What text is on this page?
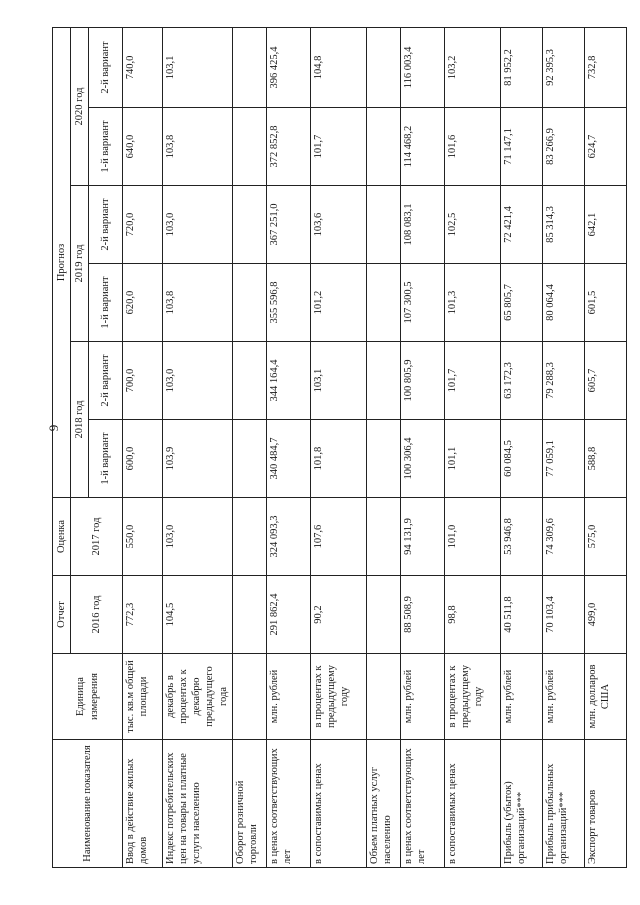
9
Наименование показателя	Единица измерения	Отчет	Оценка	Прогноз					
		2016 год	2017 год	2018 год		2019 год		2020 год	
				1-й вариант	2-й вариант	1-й вариант	2-й вариант	1-й вариант	2-й вариант
Ввод в действие жилых домов	тыс. кв.м общей площади	772,3	550,0	600,0	700,0	620,0	720,0	640,0	740,0
Индекс потребительских цен на товары и платные услуги населению	декабрь в процентах к декабрю предыдущего года	104,5	103,0	103,9	103,0	103,8	103,0	103,8	103,1
Оборот розничной торговли									
в ценах соответствующих лет	млн. рублей	291 862,4	324 093,3	340 484,7	344 164,4	355 596,8	367 251,0	372 852,8	396 425,4
в сопоставимых ценах	в процентах к предыдущему году	90,2	107,6	101,8	103,1	101,2	103,6	101,7	104,8
Объем платных услуг населению									
в ценах соответствующих лет	млн. рублей	88 508,9	94 131,9	100 306,4	100 805,9	107 300,5	108 083,1	114 468,2	116 003,4
в сопоставимых ценах	в процентах к предыдущему году	98,8	101,0	101,1	101,7	101,3	102,5	101,6	103,2
Прибыль (убыток) организаций***	млн. рублей	40 511,8	53 946,8	60 084,5	63 172,3	65 805,7	72 421,4	71 147,1	81 952,2
Прибыль прибыльных организаций***	млн. рублей	70 103,4	74 309,6	77 059,1	79 288,3	80 064,4	85 314,3	83 266,9	92 395,3
Экспорт товаров	млн. долларов США	499,0	575,0	588,8	605,7	601,5	642,1	624,7	732,8
